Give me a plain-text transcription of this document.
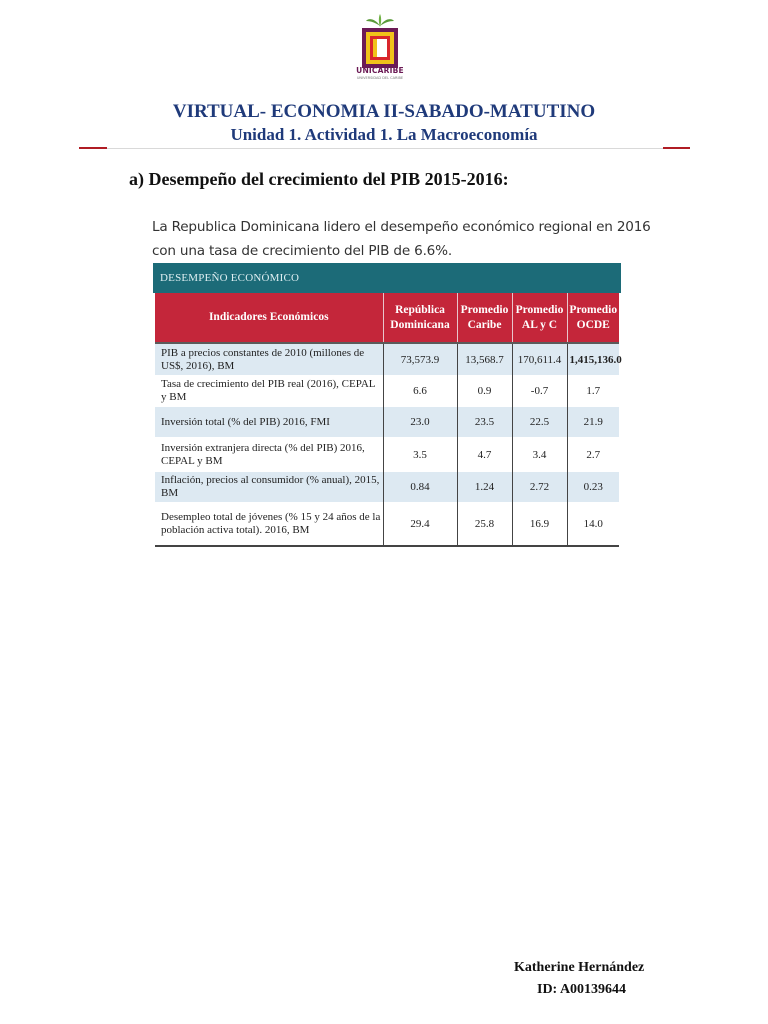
UNICARIBE
UNIVERSIDAD DEL CARIBE
VIRTUAL- ECONOMIA II-SABADO-MATUTINO
Unidad 1. Actividad 1. La Macroeconomía
a) Desempeño del crecimiento del PIB 2015-2016:
La Republica Dominicana lidero el desempeño económico regional en 2016
con una tasa de crecimiento del PIB de 6.6%.
DESEMPEÑO ECONÓMICO
Indicadores Económicos	República Dominicana	Promedio Caribe	Promedio AL y C	Promedio OCDE
PIB a precios constantes de 2010 (millones de US$, 2016), BM	73,573.9	13,568.7	170,611.4	1,415,136.0
Tasa de crecimiento del PIB real (2016), CEPAL y BM	6.6	0.9	-0.7	1.7
Inversión total (% del PIB) 2016, FMI	23.0	23.5	22.5	21.9
Inversión extranjera directa (% del PIB) 2016, CEPAL y BM	3.5	4.7	3.4	2.7
Inflación, precios al consumidor (% anual), 2015, BM	0.84	1.24	2.72	0.23
Desempleo total de jóvenes (% 15 y 24 años de la población activa total). 2016, BM	29.4	25.8	16.9	14.0
Katherine Hernández
ID: A00139644
